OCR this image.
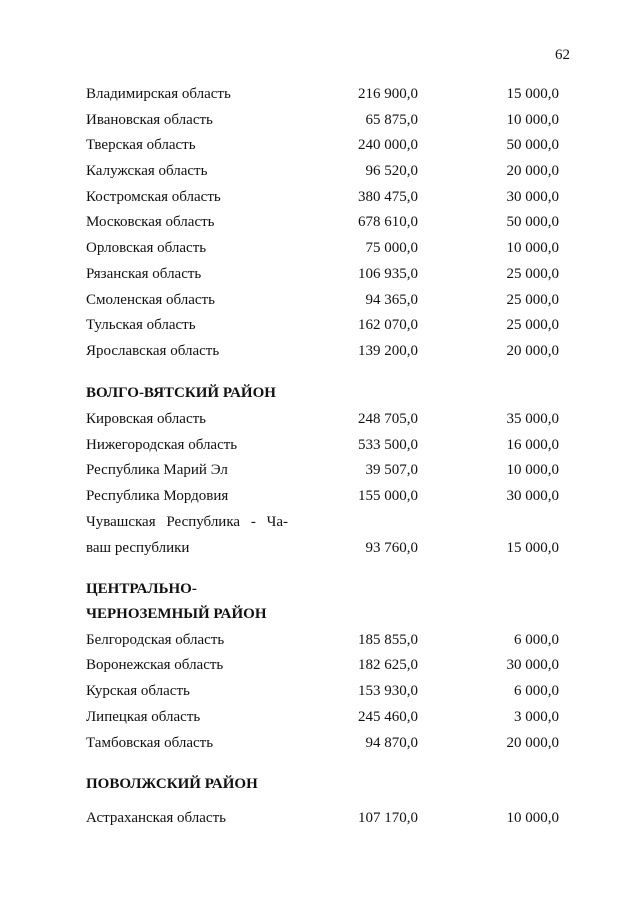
62
Владимирская область	216 900,0	15 000,0
Ивановская область	65 875,0	10 000,0
Тверская область	240 000,0	50 000,0
Калужская область	96 520,0	20 000,0
Костромская область	380 475,0	30 000,0
Московская область	678 610,0	50 000,0
Орловская область	75 000,0	10 000,0
Рязанская область	106 935,0	25 000,0
Смоленская область	94 365,0	25 000,0
Тульская область	162 070,0	25 000,0
Ярославская область	139 200,0	20 000,0
ВОЛГО-ВЯТСКИЙ РАЙОН
Кировская область	248 705,0	35 000,0
Нижегородская область	533 500,0	16 000,0
Республика Марий Эл	39 507,0	10 000,0
Республика Мордовия	155 000,0	30 000,0
Чувашская Республика - Ча-
ваш республики	93 760,0	15 000,0
ЦЕНТРАЛЬНО-
ЧЕРНОЗЕМНЫЙ РАЙОН
Белгородская область	185 855,0	6 000,0
Воронежская область	182 625,0	30 000,0
Курская область	153 930,0	6 000,0
Липецкая область	245 460,0	3 000,0
Тамбовская область	94 870,0	20 000,0
ПОВОЛЖСКИЙ РАЙОН
Астраханская область	107 170,0	10 000,0
